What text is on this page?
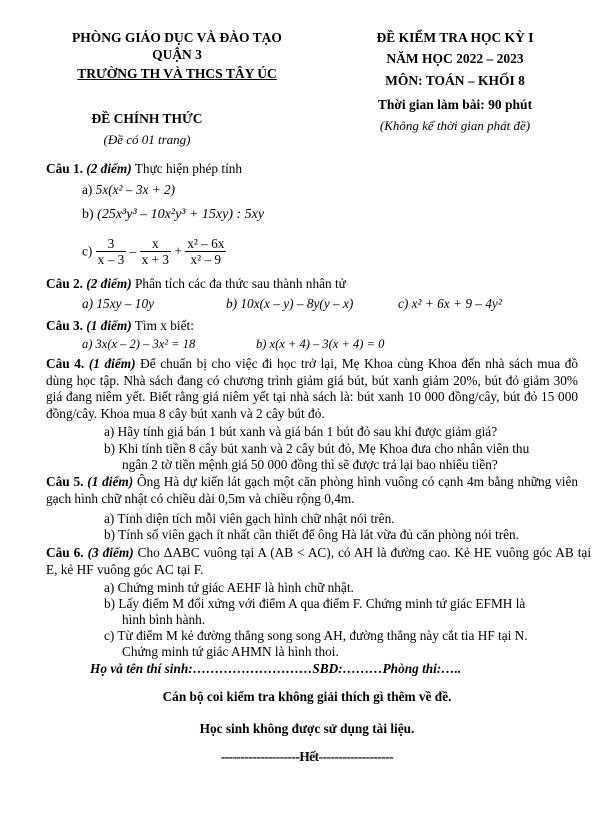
PHÒNG GIÁO DỤC VÀ ĐÀO TẠO
QUẬN 3
TRƯỜNG TH VÀ THCS TÂY ÚC
ĐỀ CHÍNH THỨC
(Đề có 01 trang)
ĐỀ KIỂM TRA HỌC KỲ I
NĂM HỌC 2022 – 2023
MÔN: TOÁN – KHỐI 8
Thời gian làm bài: 90 phút
(Không kể thời gian phát đề)
Câu 1. (2 điểm) Thực hiện phép tính
a) 5x(x² – 3x + 2)
b) (25x³y³ – 10x²y³ + 15xy) : 5xy
$c) \frac{3}{x - 3} - \frac{x}{x + 3} + \frac{\text{x² – 6x}}{\text{x² – 9}}$
Câu 2. (2 điểm) Phân tích các đa thức sau thành nhân tử
a) 15xy – 10y	b) 10x(x – y) – 8y(y – x)	c) x² + 6x + 9 – 4y²
Câu 3. (1 điểm) Tìm x biết:
a) 3x(x – 2) – 3x² = 18	b) x(x + 4) – 3(x + 4) = 0
Câu 4. (1 điểm) Để chuẩn bị cho việc đi học trở lại, Mẹ Khoa cùng Khoa đến nhà sách mua đồ dùng học tập. Nhà sách đang có chương trình giảm giá bút, bút xanh giảm 20%, bút đỏ giảm 30% giá đang niêm yết. Biết rằng giá niêm yết tại nhà sách là: bút xanh 10 000 đồng/cây, bút đỏ 15 000 đồng/cây. Khoa mua 8 cây bút xanh và 2 cây bút đỏ.
a) Hãy tính giá bán 1 bút xanh và giá bán 1 bút đỏ sau khi được giảm giá?
b) Khi tính tiền 8 cây bút xanh và 2 cây bút đỏ, Mẹ Khoa đưa cho nhân viên thu
ngân 2 tờ tiền mệnh giá 50 000 đồng thì sẽ được trả lại bao nhiêu tiền?
Câu 5. (1 điểm) Ông Hà dự kiến lát gạch một căn phòng hình vuông có cạnh 4m bằng những viên gạch hình chữ nhật có chiều dài 0,5m và chiều rộng 0,4m.
a) Tính diện tích mỗi viên gạch hình chữ nhật nói trên.
b) Tính số viên gạch ít nhất cần thiết để ông Hà lát vừa đủ căn phòng nói trên.
Câu 6. (3 điểm) Cho ΔABC vuông tại A (AB < AC), có AH là đường cao. Kẻ HE vuông góc AB tại E, kẻ HF vuông góc AC tại F.
a) Chứng minh tứ giác AEHF là hình chữ nhật.
b) Lấy điểm M đối xứng với điểm A qua điểm F. Chứng minh tứ giác EFMH là
hình bình hành.
c) Từ điểm M kẻ đường thẳng song song AH, đường thẳng này cắt tia HF tại N.
Chứng minh tứ giác AHMN là hình thoi.
Họ và tên thí sinh:………………………SBD:………Phòng thi:…..
Cán bộ coi kiểm tra không giải thích gì thêm về đề.
Học sinh không được sử dụng tài liệu.
--------------------Hết-------------------
